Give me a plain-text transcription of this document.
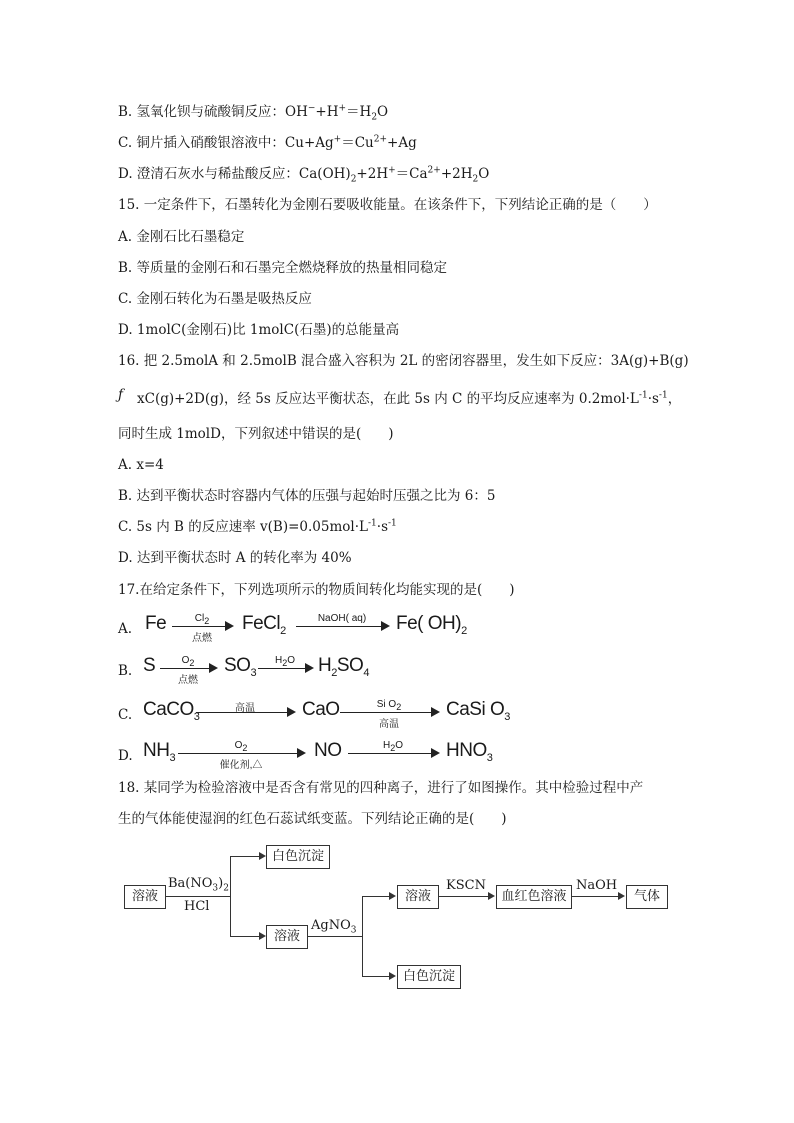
B. 氢氧化钡与硫酸铜反应：$OH^-+H^+=H_2O$
C. 铜片插入硝酸银溶液中：$Cu+Ag^+=Cu^{2+}+Ag$
D. 澄清石灰水与稀盐酸反应：$Ca(OH)_2+2H^+=Ca^{2+}+2H_2O$
15. 一定条件下，石墨转化为金刚石要吸收能量。在该条件下，下列结论正确的是（　　）
A. 金刚石比石墨稳定
B. 等质量的金刚石和石墨完全燃烧释放的热量相同稳定
C. 金刚石转化为石墨是吸热反应
D. 1molC(金刚石)比 1molC(石墨)的总能量高
16. 把 2.5molA 和 2.5molB 混合盛入容积为 2L 的密闭容器里，发生如下反应：3A(g)+B(g)
ƒ xC(g)+2D(g)，经 5s 反应达平衡状态，在此 5s 内 C 的平均反应速率为 $0.2mol\cdot L^{-1}\cdot s^{-1}$，
同时生成 1molD，下列叙述中错误的是(　　)
A. x=4
B. 达到平衡状态时容器内气体的压强与起始时压强之比为 6：5
C. 5s 内 B 的反应速率 $v(B)=0.05mol\cdot L^{-1}\cdot s^{-1}$
D. 达到平衡状态时 A 的转化率为 40%
17.在给定条件下，下列选项所示的物质间转化均能实现的是(　　)
A. Fe	$Cl_2$
点燃
FeCl$_2$
NaOH( aq)	Fe( $OH)_2$
B. S	$O_2$
点燃
$SO_3$
$H_2O$	$H_2SO_4$
C. CaCO$_3$
高温	CaO	Si $O_2$
高温
CaSi $O_3$
D. $NH_3$
$O_2$
催化剂,△
NO	$H_2O$	$HNO_3$
18. 某同学为检验溶液中是否含有常见的四种离子，进行了如图操作。其中检验过程中产
生的气体能使湿润的红色石蕊试纸变蓝。下列结论正确的是(　　)
溶液
$Ba(NO_3)_2$
HCl
白色沉淀
溶液
AgNO$_3$
溶液
白色沉淀
KSCN
血红色溶液
NaOH
气体
